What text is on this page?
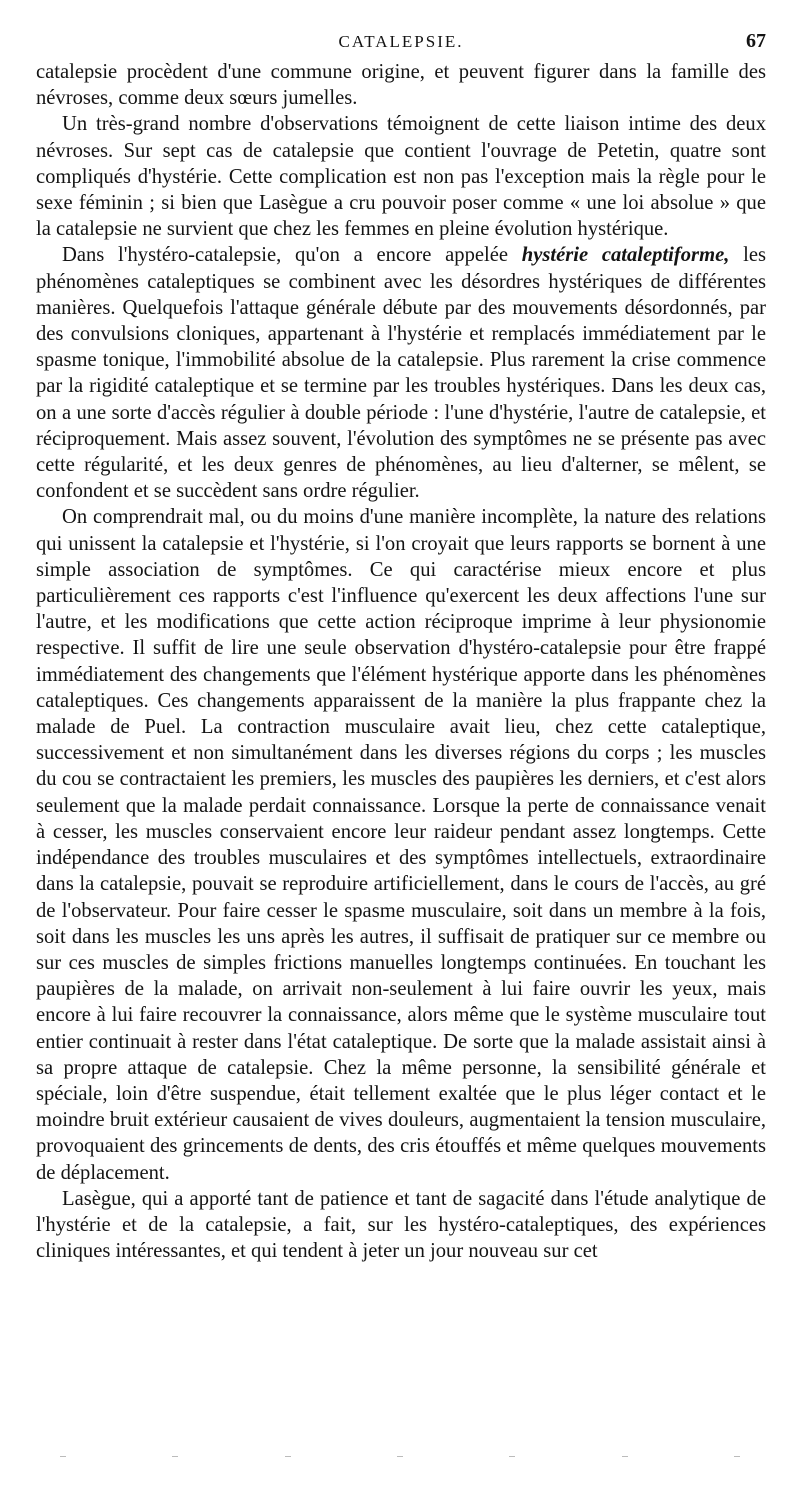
CATALEPSIE.	67

catalepsie procèdent d'une commune origine, et peuvent figurer dans la famille des névroses, comme deux sœurs jumelles.

Un très-grand nombre d'observations témoignent de cette liaison intime des deux névroses. Sur sept cas de catalepsie que contient l'ouvrage de Petetin, quatre sont compliqués d'hystérie. Cette complication est non pas l'exception mais la règle pour le sexe féminin ; si bien que Lasègue a cru pouvoir poser comme « une loi absolue » que la catalepsie ne survient que chez les femmes en pleine évolution hystérique.

Dans l'hystéro-catalepsie, qu'on a encore appelée hystérie cataleptiforme, les phénomènes cataleptiques se combinent avec les désordres hystériques de différentes manières. Quelquefois l'attaque générale débute par des mouvements désordonnés, par des convulsions cloniques, appartenant à l'hystérie et remplacés immédiatement par le spasme tonique, l'immobilité absolue de la catalepsie. Plus rarement la crise commence par la rigidité cataleptique et se termine par les troubles hystériques. Dans les deux cas, on a une sorte d'accès régulier à double période : l'une d'hystérie, l'autre de catalepsie, et réciproquement. Mais assez souvent, l'évolution des symptômes ne se présente pas avec cette régularité, et les deux genres de phénomènes, au lieu d'alterner, se mêlent, se confondent et se succèdent sans ordre régulier.

On comprendrait mal, ou du moins d'une manière incomplète, la nature des relations qui unissent la catalepsie et l'hystérie, si l'on croyait que leurs rapports se bornent à une simple association de symptômes. Ce qui caractérise mieux encore et plus particulièrement ces rapports c'est l'influence qu'exercent les deux affections l'une sur l'autre, et les modifications que cette action réciproque imprime à leur physionomie respective. Il suffit de lire une seule observation d'hystéro-catalepsie pour être frappé immédiatement des changements que l'élément hystérique apporte dans les phénomènes cataleptiques. Ces changements apparaissent de la manière la plus frappante chez la malade de Puel. La contraction musculaire avait lieu, chez cette cataleptique, successivement et non simultanément dans les diverses régions du corps ; les muscles du cou se contractaient les premiers, les muscles des paupières les derniers, et c'est alors seulement que la malade perdait connaissance. Lorsque la perte de connaissance venait à cesser, les muscles conservaient encore leur raideur pendant assez longtemps. Cette indépendance des troubles musculaires et des symptômes intellectuels, extraordinaire dans la catalepsie, pouvait se reproduire artificiellement, dans le cours de l'accès, au gré de l'observateur. Pour faire cesser le spasme musculaire, soit dans un membre à la fois, soit dans les muscles les uns après les autres, il suffisait de pratiquer sur ce membre ou sur ces muscles de simples frictions manuelles longtemps continuées. En touchant les paupières de la malade, on arrivait non-seulement à lui faire ouvrir les yeux, mais encore à lui faire recouvrer la connaissance, alors même que le système musculaire tout entier continuait à rester dans l'état cataleptique. De sorte que la malade assistait ainsi à sa propre attaque de catalepsie. Chez la même personne, la sensibilité générale et spéciale, loin d'être suspendue, était tellement exaltée que le plus léger contact et le moindre bruit extérieur causaient de vives douleurs, augmentaient la tension musculaire, provoquaient des grincements de dents, des cris étouffés et même quelques mouvements de déplacement.

Lasègue, qui a apporté tant de patience et tant de sagacité dans l'étude analytique de l'hystérie et de la catalepsie, a fait, sur les hystéro-cataleptiques, des expériences cliniques intéressantes, et qui tendent à jeter un jour nouveau sur cet
